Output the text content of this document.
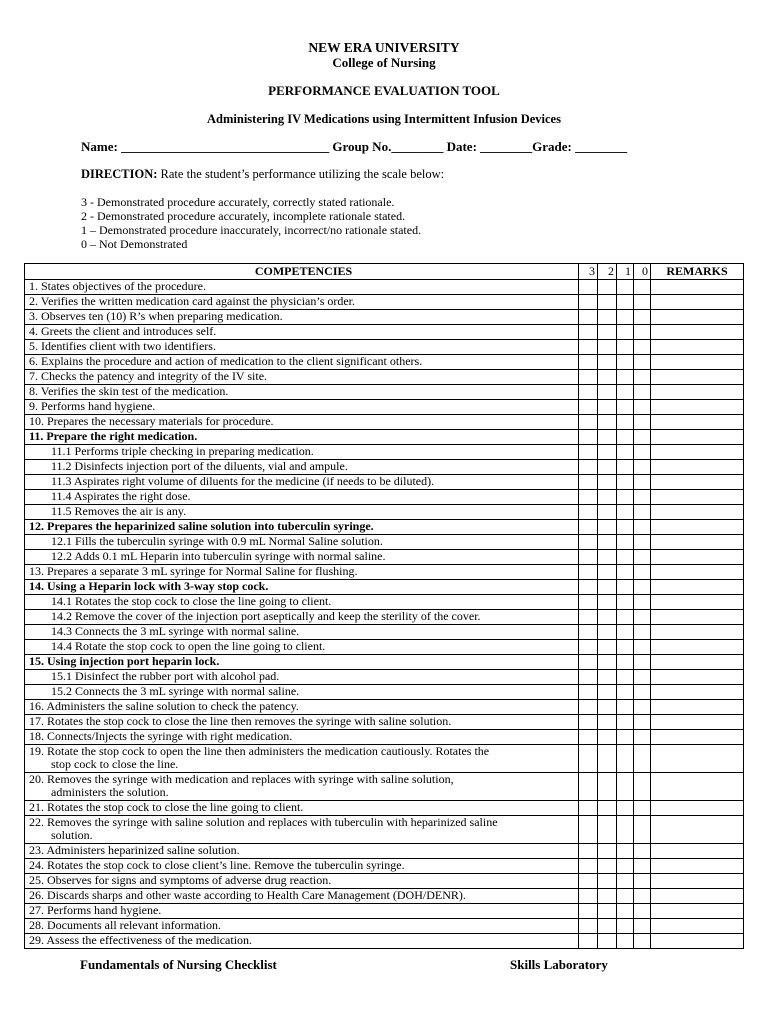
NEW ERA UNIVERSITY
College of Nursing
PERFORMANCE EVALUATION TOOL
Administering IV Medications using Intermittent Infusion Devices
Name: ________________________________ Group No.________ Date: ________Grade: ________
DIRECTION: Rate the student’s performance utilizing the scale below:
3 - Demonstrated procedure accurately, correctly stated rationale.
2 - Demonstrated procedure accurately, incomplete rationale stated.
1 – Demonstrated procedure inaccurately, incorrect/no rationale stated.
0 – Not Demonstrated
COMPETENCIES	3	2	1	0	REMARKS
1. States objectives of the procedure.					
2. Verifies the written medication card against the physician’s order.					
3. Observes ten (10) R’s when preparing medication.					
4. Greets the client and introduces self.					
5. Identifies client with two identifiers.					
6. Explains the procedure and action of medication to the client significant others.					
7. Checks the patency and integrity of the IV site.					
8. Verifies the skin test of the medication.					
9. Performs hand hygiene.					
10. Prepares the necessary materials for procedure.					
11. Prepare the right medication.					
11.1 Performs triple checking in preparing medication.					
11.2 Disinfects injection port of the diluents, vial and ampule.					
11.3 Aspirates right volume of diluents for the medicine (if needs to be diluted).					
11.4 Aspirates the right dose.					
11.5 Removes the air is any.					
12. Prepares the heparinized saline solution into tuberculin syringe.					
12.1 Fills the tuberculin syringe with 0.9 mL Normal Saline solution.					
12.2 Adds 0.1 mL Heparin into tuberculin syringe with normal saline.					
13. Prepares a separate 3 mL syringe for Normal Saline for flushing.					
14. Using a Heparin lock with 3-way stop cock.					
14.1 Rotates the stop cock to close the line going to client.					
14.2 Remove the cover of the injection port aseptically and keep the sterility of the cover.					
14.3 Connects the 3 mL syringe with normal saline.					
14.4 Rotate the stop cock to open the line going to client.					
15. Using injection port heparin lock.					
15.1 Disinfect the rubber port with alcohol pad.					
15.2 Connects the 3 mL syringe with normal saline.					
16. Administers the saline solution to check the patency.					
17. Rotates the stop cock to close the line then removes the syringe with saline solution.					
18. Connects/Injects the syringe with right medication.					
19. Rotate the stop cock to open the line then administers the medication cautiously. Rotates the
stop cock to close the line.					

20. Removes the syringe with medication and replaces with syringe with saline solution,
administers the solution.					

21. Rotates the stop cock to close the line going to client.					
22. Removes the syringe with saline solution and replaces with tuberculin with heparinized saline
solution.					

23. Administers heparinized saline solution.					
24. Rotates the stop cock to close client’s line. Remove the tuberculin syringe.					
25. Observes for signs and symptoms of adverse drug reaction.					
26. Discards sharps and other waste according to Health Care Management (DOH/DENR).					
27. Performs hand hygiene.					
28. Documents all relevant information.					
29. Assess the effectiveness of the medication.					
Fundamentals of Nursing Checklist	Skills Laboratory
